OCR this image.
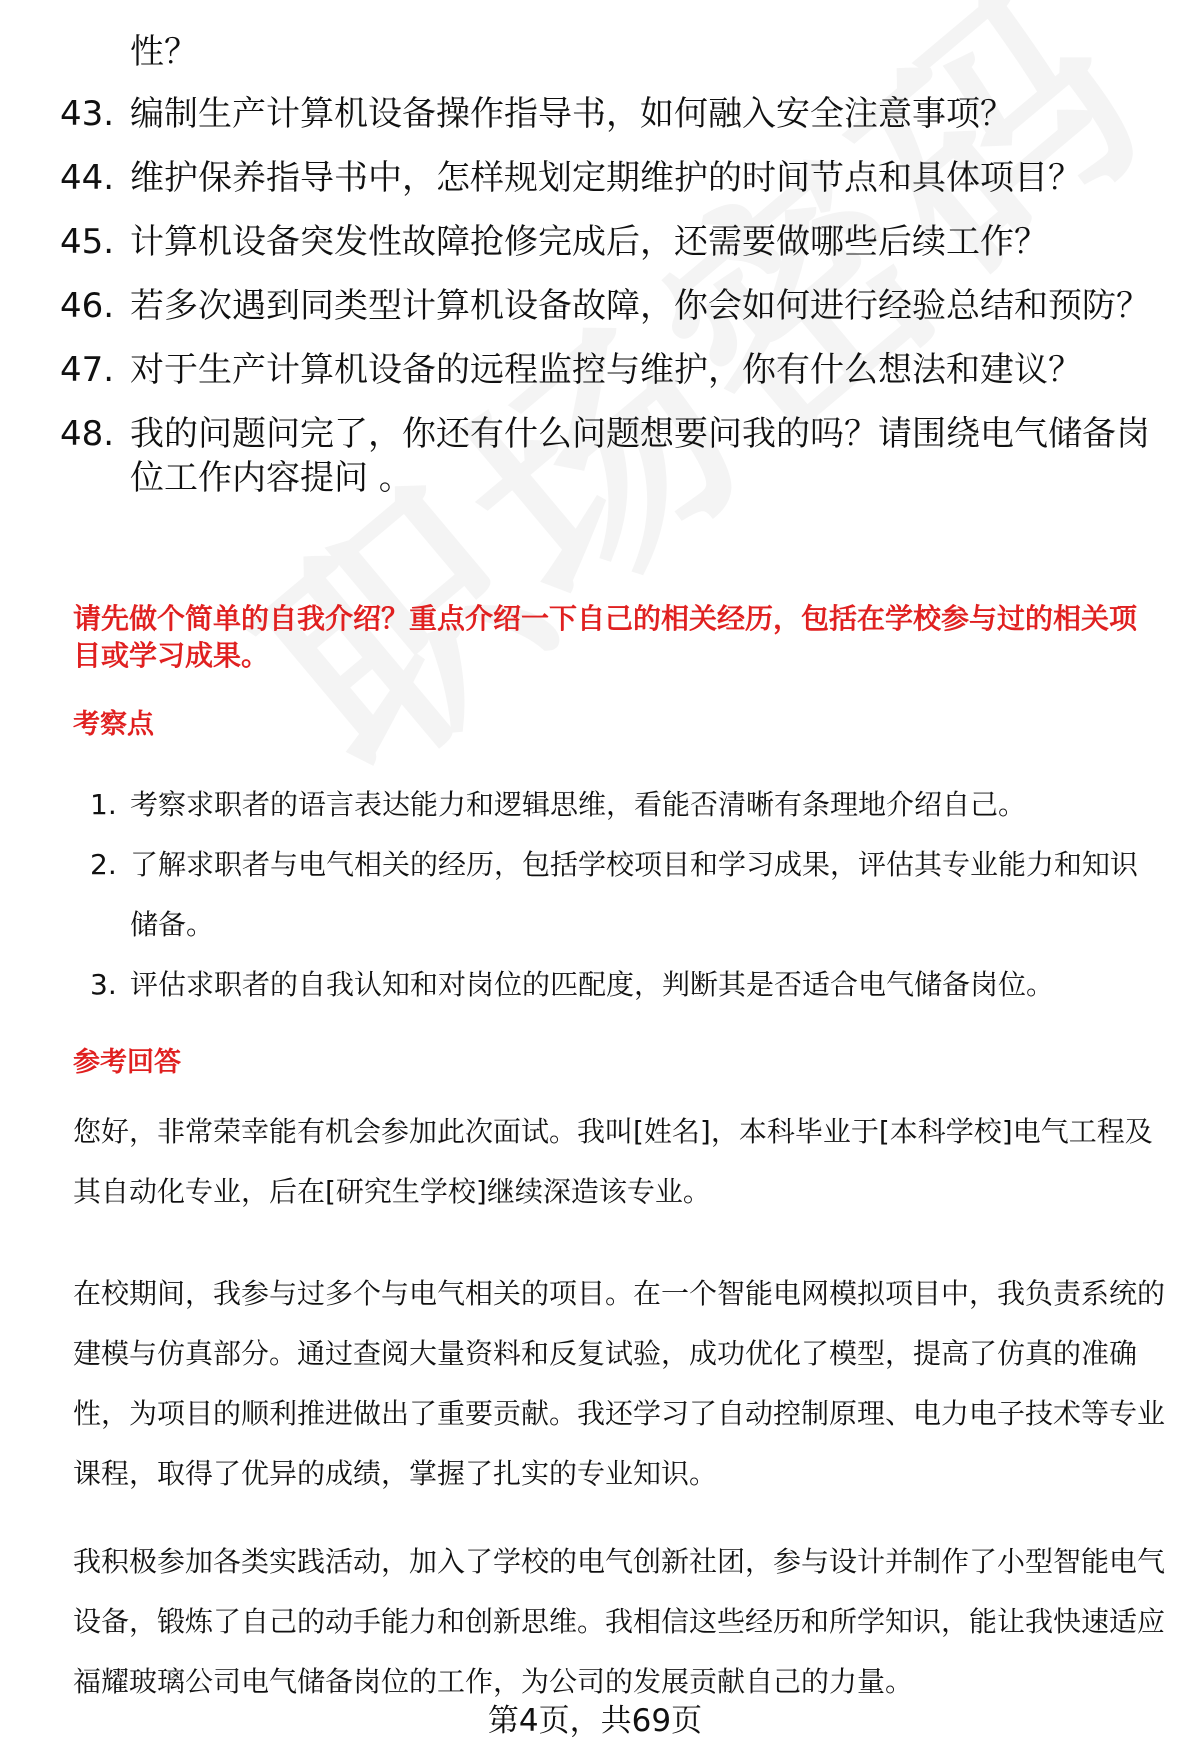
性？
43. 编制生产计算机设备操作指导书，如何融入安全注意事项？
44. 维护保养指导书中，怎样规划定期维护的时间节点和具体项目？
45. 计算机设备突发性故障抢修完成后，还需要做哪些后续工作？
46. 若多次遇到同类型计算机设备故障，你会如何进行经验总结和预防？
47. 对于生产计算机设备的远程监控与维护，你有什么想法和建议？
48. 我的问题问完了，你还有什么问题想要问我的吗？请围绕电气储备岗位工作内容提问 。

请先做个简单的自我介绍？重点介绍一下自己的相关经历，包括在学校参与过的相关项目或学习成果。

考察点

1. 考察求职者的语言表达能力和逻辑思维，看能否清晰有条理地介绍自己。
2. 了解求职者与电气相关的经历，包括学校项目和学习成果，评估其专业能力和知识储备。
3. 评估求职者的自我认知和对岗位的匹配度，判断其是否适合电气储备岗位。

参考回答

您好，非常荣幸能有机会参加此次面试。我叫[姓名]，本科毕业于[本科学校]电气工程及其自动化专业，后在[研究生学校]继续深造该专业。

在校期间，我参与过多个与电气相关的项目。在一个智能电网模拟项目中，我负责系统的建模与仿真部分。通过查阅大量资料和反复试验，成功优化了模型，提高了仿真的准确性，为项目的顺利推进做出了重要贡献。我还学习了自动控制原理、电力电子技术等专业课程，取得了优异的成绩，掌握了扎实的专业知识。

我积极参加各类实践活动，加入了学校的电气创新社团，参与设计并制作了小型智能电气设备，锻炼了自己的动手能力和创新思维。我相信这些经历和所学知识，能让我快速适应福耀玻璃公司电气储备岗位的工作，为公司的发展贡献自己的力量。

第4页，共69页
